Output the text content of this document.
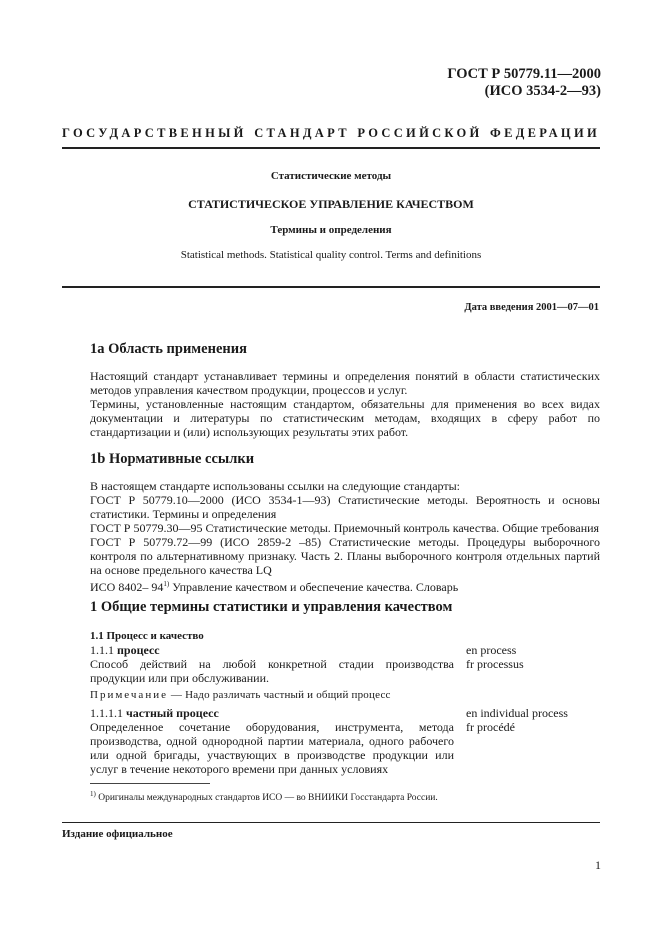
ГОСТ Р 50779.11—2000
(ИСО 3534-2—93)
ГОСУДАРСТВЕННЫЙ СТАНДАРТ РОССИЙСКОЙ ФЕДЕРАЦИИ
Статистические методы
СТАТИСТИЧЕСКОЕ УПРАВЛЕНИЕ КАЧЕСТВОМ
Термины и определения
Statistical methods. Statistical quality control. Terms and definitions
Дата введения 2001—07—01
1а Область применения

Настоящий стандарт устанавливает термины и определения понятий в области статистических методов управления качеством продукции, процессов и услуг.

Термины, установленные настоящим стандартом, обязательны для применения во всех видах документации и литературы по статистическим методам, входящих в сферу работ по стандартизации и (или) использующих результаты этих работ.

1b Нормативные ссылки

В настоящем стандарте использованы ссылки на следующие стандарты:

ГОСТ Р 50779.10—2000 (ИСО 3534-1—93) Статистические методы. Вероятность и основы статистики. Термины и определения

ГОСТ Р 50779.30—95 Статистические методы. Приемочный контроль качества. Общие требования

ГОСТ Р 50779.72—99 (ИСО 2859-2 –85) Статистические методы. Процедуры выборочного контроля по альтернативному признаку. Часть 2. Планы выборочного контроля отдельных партий на основе предельного качества LQ

ИСО 8402– 94$^{1)}$ Управление качеством и обеспечение качества. Словарь

1 Общие термины статистики и управления качеством
1.1 Процесс и качество
1.1.1 процесс
Способ действий на любой конкретной стадии производства продукции или при обслуживании.
en process
fr processus
Примечание — Надо различать частный и общий процесс
1.1.1.1 частный процесс
Определенное сочетание оборудования, инструмента, метода производства, одной однородной партии материала, одного рабочего или одной бригады, участвующих в производстве продукции или услуг в течение некоторого времени при данных условиях
en individual process
fr procédé
$^{1)}$ Оригиналы международных стандартов ИСО — во ВНИИКИ Госстандарта России.
Издание официальное
1
